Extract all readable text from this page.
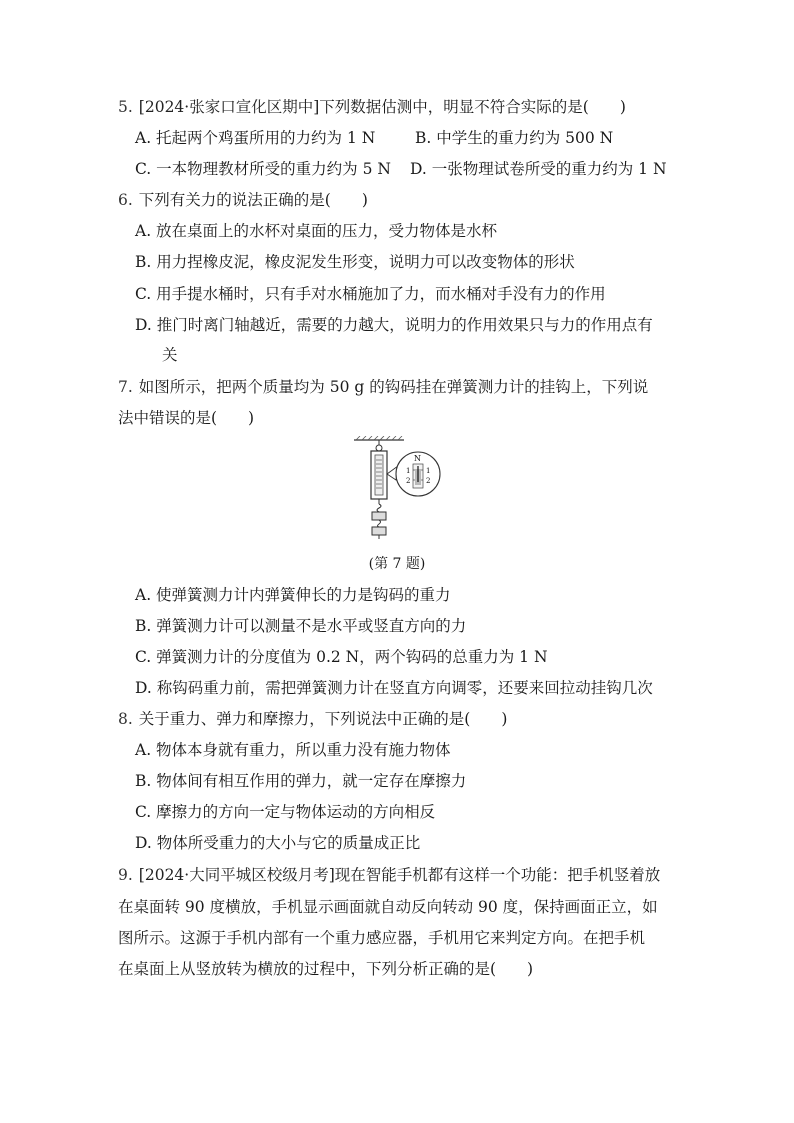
5. [2024·张家口宣化区期中]下列数据估测中，明显不符合实际的是(　　)
A. 托起两个鸡蛋所用的力约为 1 N	B. 中学生的重力约为 500 N
C. 一本物理教材所受的重力约为 5 N D. 一张物理试卷所受的重力约为 1 N
6. 下列有关力的说法正确的是(　　)
A. 放在桌面上的水杯对桌面的压力，受力物体是水杯
B. 用力捏橡皮泥，橡皮泥发生形变，说明力可以改变物体的形状
C. 用手提水桶时，只有手对水桶施加了力，而水桶对手没有力的作用
D. 推门时离门轴越近，需要的力越大，说明力的作用效果只与力的作用点有
关
7. 如图所示，把两个质量均为 50 g 的钩码挂在弹簧测力计的挂钩上，下列说
法中错误的是(　　)
N
1
2
1
2
(第 7 题)
A. 使弹簧测力计内弹簧伸长的力是钩码的重力
B. 弹簧测力计可以测量不是水平或竖直方向的力
C. 弹簧测力计的分度值为 0.2 N，两个钩码的总重力为 1 N
D. 称钩码重力前，需把弹簧测力计在竖直方向调零，还要来回拉动挂钩几次
8. 关于重力、弹力和摩擦力，下列说法中正确的是(　　)
A. 物体本身就有重力，所以重力没有施力物体
B. 物体间有相互作用的弹力，就一定存在摩擦力
C. 摩擦力的方向一定与物体运动的方向相反
D. 物体所受重力的大小与它的质量成正比
9. [2024·大同平城区校级月考]现在智能手机都有这样一个功能：把手机竖着放
在桌面转 90 度横放，手机显示画面就自动反向转动 90 度，保持画面正立，如
图所示。这源于手机内部有一个重力感应器，手机用它来判定方向。在把手机
在桌面上从竖放转为横放的过程中，下列分析正确的是(　　)
